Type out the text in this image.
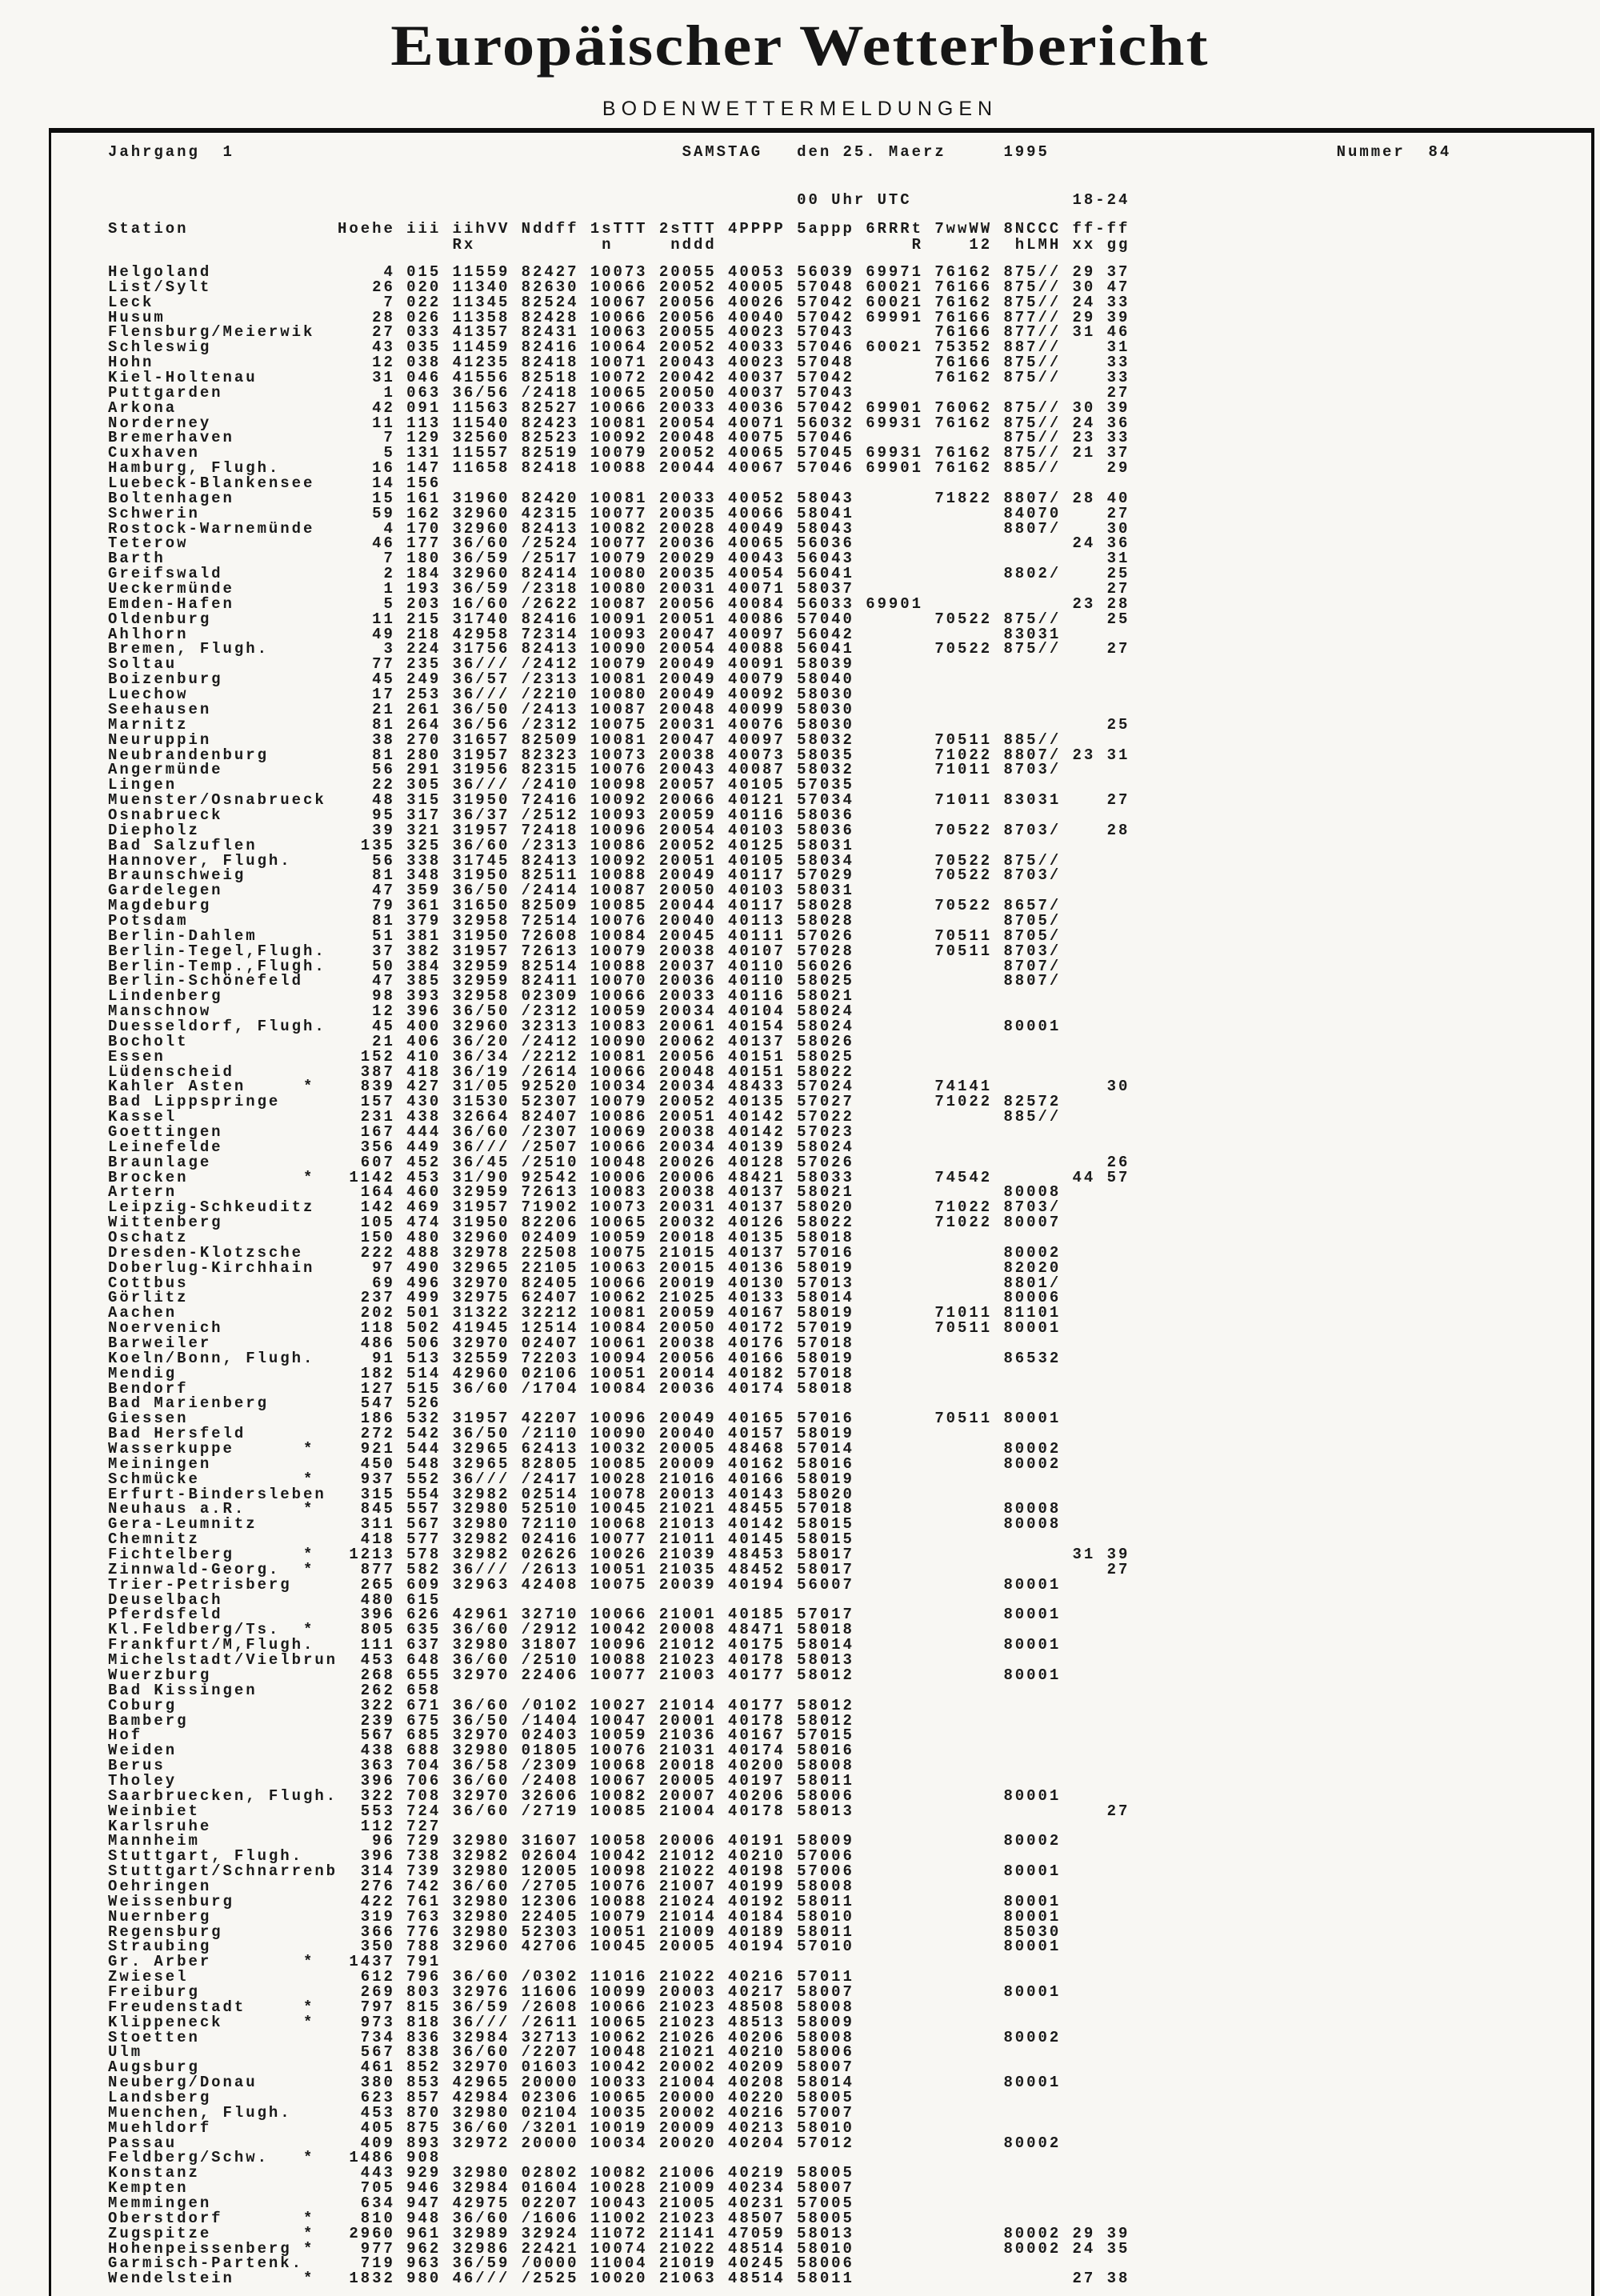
Europäischer Wetterbericht
BODENWETTERMELDUNGEN
Jahrgang  1                                       SAMSTAG   den 25. Maerz     1995                         Nummer  84
00 Uhr UTC              18-24
Station             Hoehe iii iihVV Nddff 1sTTT 2sTTT 4PPPP 5appp 6RRRt 7wwWW 8NCCC ff-ff
Rx           n     nddd                 R    12  hLMH xx gg
Helgoland               4 015 11559 82427 10073 20055 40053 56039 69971 76162 875// 29 37
List/Sylt              26 020 11340 82630 10066 20052 40005 57048 60021 76166 875// 30 47
Leck                    7 022 11345 82524 10067 20056 40026 57042 60021 76162 875// 24 33
Husum                  28 026 11358 82428 10066 20056 40040 57042 69991 76166 877// 29 39
Flensburg/Meierwik     27 033 41357 82431 10063 20055 40023 57043       76166 877// 31 46
Schleswig              43 035 11459 82416 10064 20052 40033 57046 60021 75352 887//    31
Hohn                   12 038 41235 82418 10071 20043 40023 57048       76166 875//    33
Kiel-Holtenau          31 046 41556 82518 10072 20042 40037 57042       76162 875//    33
Puttgarden              1 063 36/56 /2418 10065 20050 40037 57043                      27
Arkona                 42 091 11563 82527 10066 20033 40036 57042 69901 76062 875// 30 39
Norderney              11 113 11540 82423 10081 20054 40071 56032 69931 76162 875// 24 36
Bremerhaven             7 129 32560 82523 10092 20048 40075 57046             875// 23 33
Cuxhaven                5 131 11557 82519 10079 20052 40065 57045 69931 76162 875// 21 37
Hamburg, Flugh.        16 147 11658 82418 10088 20044 40067 57046 69901 76162 885//    29
Luebeck-Blankensee     14 156
Boltenhagen            15 161 31960 82420 10081 20033 40052 58043       71822 8807/ 28 40
Schwerin               59 162 32960 42315 10077 20035 40066 58041             84070    27
Rostock-Warnemünde      4 170 32960 82413 10082 20028 40049 58043             8807/    30
Teterow                46 177 36/60 /2524 10077 20036 40065 56036                   24 36
Barth                   7 180 36/59 /2517 10079 20029 40043 56043                      31
Greifswald              2 184 32960 82414 10080 20035 40054 56041             8802/    25
Ueckermünde             1 193 36/59 /2318 10080 20031 40071 58037                      27
Emden-Hafen             5 203 16/60 /2622 10087 20056 40084 56033 69901             23 28
Oldenburg              11 215 31740 82416 10091 20051 40086 57040       70522 875//    25
Ahlhorn                49 218 42958 72314 10093 20047 40097 56042             83031
Bremen, Flugh.          3 224 31756 82413 10090 20054 40088 56041       70522 875//    27
Soltau                 77 235 36/// /2412 10079 20049 40091 58039
Boizenburg             45 249 36/57 /2313 10081 20049 40079 58040
Luechow                17 253 36/// /2210 10080 20049 40092 58030
Seehausen              21 261 36/50 /2413 10087 20048 40099 58030
Marnitz                81 264 36/56 /2312 10075 20031 40076 58030                      25
Neuruppin              38 270 31657 82509 10081 20047 40097 58032       70511 885//
Neubrandenburg         81 280 31957 82323 10073 20038 40073 58035       71022 8807/ 23 31
Angermünde             56 291 31956 82315 10076 20043 40087 58032       71011 8703/
Lingen                 22 305 36/// /2410 10098 20057 40105 57035
Muenster/Osnabrueck    48 315 31950 72416 10092 20066 40121 57034       71011 83031    27
Osnabrueck             95 317 36/37 /2512 10093 20059 40116 58036
Diepholz               39 321 31957 72418 10096 20054 40103 58036       70522 8703/    28
Bad Salzuflen         135 325 36/60 /2313 10086 20052 40125 58031
Hannover, Flugh.       56 338 31745 82413 10092 20051 40105 58034       70522 875//
Braunschweig           81 348 31950 82511 10088 20049 40117 57029       70522 8703/
Gardelegen             47 359 36/50 /2414 10087 20050 40103 58031
Magdeburg              79 361 31650 82509 10085 20044 40117 58028       70522 8657/
Potsdam                81 379 32958 72514 10076 20040 40113 58028             8705/
Berlin-Dahlem          51 381 31950 72608 10084 20045 40111 57026       70511 8705/
Berlin-Tegel,Flugh.    37 382 31957 72613 10079 20038 40107 57028       70511 8703/
Berlin-Temp.,Flugh.    50 384 32959 82514 10088 20037 40110 56026             8707/
Berlin-Schönefeld      47 385 32959 82411 10070 20036 40110 58025             8807/
Lindenberg             98 393 32958 02309 10066 20033 40116 58021
Manschnow              12 396 36/50 /2312 10059 20034 40104 58024
Duesseldorf, Flugh.    45 400 32960 32313 10083 20061 40154 58024             80001
Bocholt                21 406 36/20 /2412 10090 20062 40137 58026
Essen                 152 410 36/34 /2212 10081 20056 40151 58025
Lüdenscheid           387 418 36/19 /2614 10066 20048 40151 58022
Kahler Asten     *    839 427 31/05 92520 10034 20034 48433 57024       74141          30
Bad Lippspringe       157 430 31530 52307 10079 20052 40135 57027       71022 82572
Kassel                231 438 32664 82407 10086 20051 40142 57022             885//
Goettingen            167 444 36/60 /2307 10069 20038 40142 57023
Leinefelde            356 449 36/// /2507 10066 20034 40139 58024
Braunlage             607 452 36/45 /2510 10048 20026 40128 57026                      26
Brocken          *   1142 453 31/90 92542 10006 20006 48421 58033       74542       44 57
Artern                164 460 32959 72613 10083 20038 40137 58021             80008
Leipzig-Schkeuditz    142 469 31957 71902 10073 20031 40137 58020       71022 8703/
Wittenberg            105 474 31950 82206 10065 20032 40126 58022       71022 80007
Oschatz               150 480 32960 02409 10059 20018 40135 58018
Dresden-Klotzsche     222 488 32978 22508 10075 21015 40137 57016             80002
Doberlug-Kirchhain     97 490 32965 22105 10063 20015 40136 58019             82020
Cottbus                69 496 32970 82405 10066 20019 40130 57013             8801/
Görlitz               237 499 32975 62407 10062 21025 40133 58014             80006
Aachen                202 501 31322 32212 10081 20059 40167 58019       71011 81101
Noervenich            118 502 41945 12514 10084 20050 40172 57019       70511 80001
Barweiler             486 506 32970 02407 10061 20038 40176 57018
Koeln/Bonn, Flugh.     91 513 32559 72203 10094 20056 40166 58019             86532
Mendig                182 514 42960 02106 10051 20014 40182 57018
Bendorf               127 515 36/60 /1704 10084 20036 40174 58018
Bad Marienberg        547 526
Giessen               186 532 31957 42207 10096 20049 40165 57016       70511 80001
Bad Hersfeld          272 542 36/50 /2110 10090 20040 40157 58019
Wasserkuppe      *    921 544 32965 62413 10032 20005 48468 57014             80002
Meiningen             450 548 32965 82805 10085 20009 40162 58016             80002
Schmücke         *    937 552 36/// /2417 10028 21016 40166 58019
Erfurt-Bindersleben   315 554 32982 02514 10078 20013 40143 58020
Neuhaus a.R.     *    845 557 32980 52510 10045 21021 48455 57018             80008
Gera-Leumnitz         311 567 32980 72110 10068 21013 40142 58015             80008
Chemnitz              418 577 32982 02416 10077 21011 40145 58015
Fichtelberg      *   1213 578 32982 02626 10026 21039 48453 58017                   31 39
Zinnwald-Georg.  *    877 582 36/// /2613 10051 21035 48452 58017                      27
Trier-Petrisberg      265 609 32963 42408 10075 20039 40194 56007             80001
Deuselbach            480 615
Pferdsfeld            396 626 42961 32710 10066 21001 40185 57017             80001
Kl.Feldberg/Ts.  *    805 635 36/60 /2912 10042 20008 48471 58018
Frankfurt/M,Flugh.    111 637 32980 31807 10096 21012 40175 58014             80001
Michelstadt/Vielbrun  453 648 36/60 /2510 10088 21023 40178 58013
Wuerzburg             268 655 32970 22406 10077 21003 40177 58012             80001
Bad Kissingen         262 658
Coburg                322 671 36/60 /0102 10027 21014 40177 58012
Bamberg               239 675 36/50 /1404 10047 20001 40178 58012
Hof                   567 685 32970 02403 10059 21036 40167 57015
Weiden                438 688 32980 01805 10076 21031 40174 58016
Berus                 363 704 36/58 /2309 10068 20018 40200 58008
Tholey                396 706 36/60 /2408 10067 20005 40197 58011
Saarbruecken, Flugh.  322 708 32970 32606 10082 20007 40206 58006             80001
Weinbiet              553 724 36/60 /2719 10085 21004 40178 58013                      27
Karlsruhe             112 727
Mannheim               96 729 32980 31607 10058 20006 40191 58009             80002
Stuttgart, Flugh.     396 738 32982 02604 10042 21012 40210 57006
Stuttgart/Schnarrenb  314 739 32980 12005 10098 21022 40198 57006             80001
Oehringen             276 742 36/60 /2705 10076 21007 40199 58008
Weissenburg           422 761 32980 12306 10088 21024 40192 58011             80001
Nuernberg             319 763 32980 22405 10079 21014 40184 58010             80001
Regensburg            366 776 32980 52303 10051 21009 40189 58011             85030
Straubing             350 788 32960 42706 10045 20005 40194 57010             80001
Gr. Arber        *   1437 791
Zwiesel               612 796 36/60 /0302 11016 21022 40216 57011
Freiburg              269 803 32976 11606 10099 20003 40217 58007             80001
Freudenstadt     *    797 815 36/59 /2608 10066 21023 48508 58008
Klippeneck       *    973 818 36/// /2611 10065 21023 48513 58009
Stoetten              734 836 32984 32713 10062 21026 40206 58008             80002
Ulm                   567 838 36/60 /2207 10048 21021 40210 58006
Augsburg              461 852 32970 01603 10042 20002 40209 58007
Neuberg/Donau         380 853 42965 20000 10033 21004 40208 58014             80001
Landsberg             623 857 42984 02306 10065 20000 40220 58005
Muenchen, Flugh.      453 870 32980 02104 10035 20002 40216 57007
Muehldorf             405 875 36/60 /3201 10019 20009 40213 58010
Passau                409 893 32972 20000 10034 20020 40204 57012             80002
Feldberg/Schw.   *   1486 908
Konstanz              443 929 32980 02802 10082 21006 40219 58005
Kempten               705 946 32984 01604 10028 21009 40234 58007
Memmingen             634 947 42975 02207 10043 21005 40231 57005
Oberstdorf       *    810 948 36/60 /1606 11002 21023 48507 58005
Zugspitze        *   2960 961 32989 32924 11072 21141 47059 58013             80002 29 39
Hohenpeissenberg *    977 962 32986 22421 10074 21022 48514 58010             80002 24 35
Garmisch-Partenk.     719 963 36/59 /0000 11004 21019 40245 58006
Wendelstein      *   1832 980 46/// /2525 10020 21063 48514 58011                   27 38
